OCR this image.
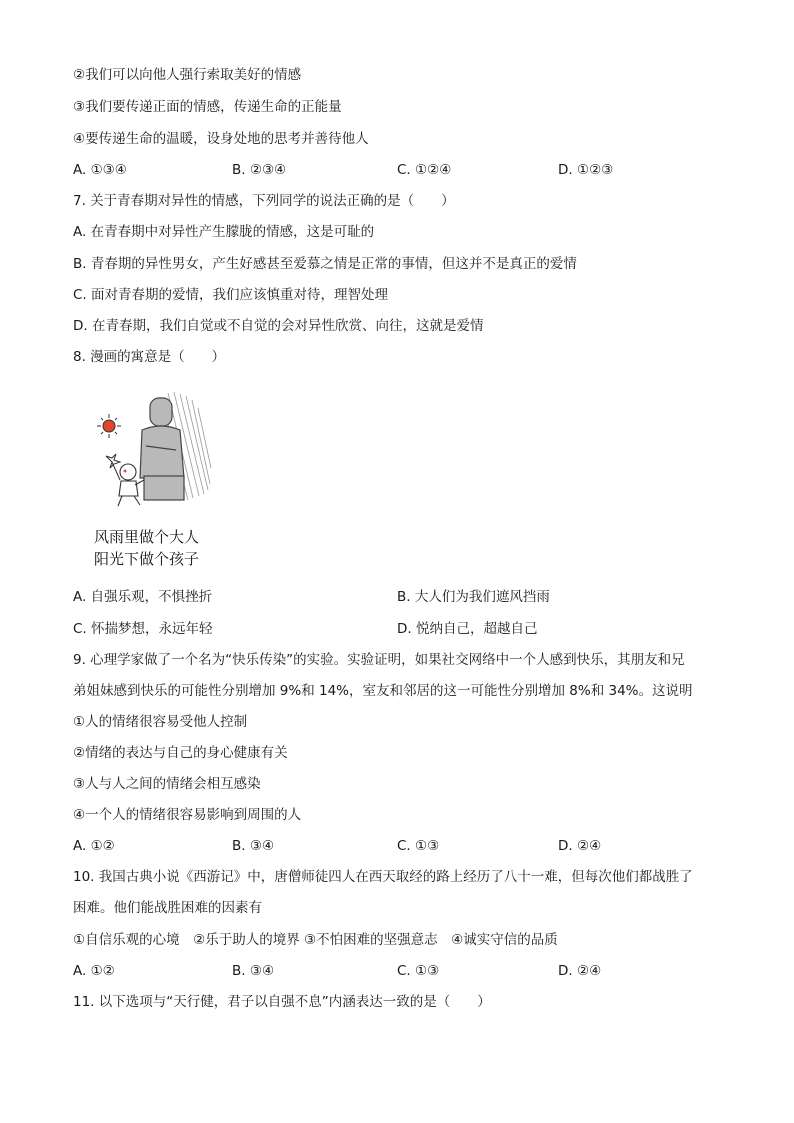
②我们可以向他人强行索取美好的情感
③我们要传递正面的情感，传递生命的正能量
④要传递生命的温暖，设身处地的思考并善待他人
A. ①③④	B. ②③④	C. ①②④	D. ①②③
7. 关于青春期对异性的情感，下列同学的说法正确的是（　　）
A. 在青春期中对异性产生朦胧的情感，这是可耻的
B. 青春期的异性男女，产生好感甚至爱慕之情是正常的事情，但这并不是真正的爱情
C. 面对青春期的爱情，我们应该慎重对待，理智处理
D. 在青春期，我们自觉或不自觉的会对异性欣赏、向往，这就是爱情
8. 漫画的寓意是（　　）
风雨里做个大人
阳光下做个孩子
A. 自强乐观，不惧挫折	B. 大人们为我们遮风挡雨
C. 怀揣梦想，永远年轻	D. 悦纳自己，超越自己
9. 心理学家做了一个名为“快乐传染”的实验。实验证明，如果社交网络中一个人感到快乐，其朋友和兄
弟姐妹感到快乐的可能性分别增加 9%和 14%，室友和邻居的这一可能性分别增加 8%和 34%。这说明
①人的情绪很容易受他人控制
②情绪的表达与自己的身心健康有关
③人与人之间的情绪会相互感染
④一个人的情绪很容易影响到周围的人
A. ①②	B. ③④	C. ①③	D. ②④
10. 我国古典小说《西游记》中，唐僧师徒四人在西天取经的路上经历了八十一难，但每次他们都战胜了
困难。他们能战胜困难的因素有
①自信乐观的心境　②乐于助人的境界 ③不怕困难的坚强意志　④诚实守信的品质
A. ①②	B. ③④	C. ①③	D. ②④
11. 以下选项与“天行健，君子以自强不息”内涵表达一致的是（　　）
